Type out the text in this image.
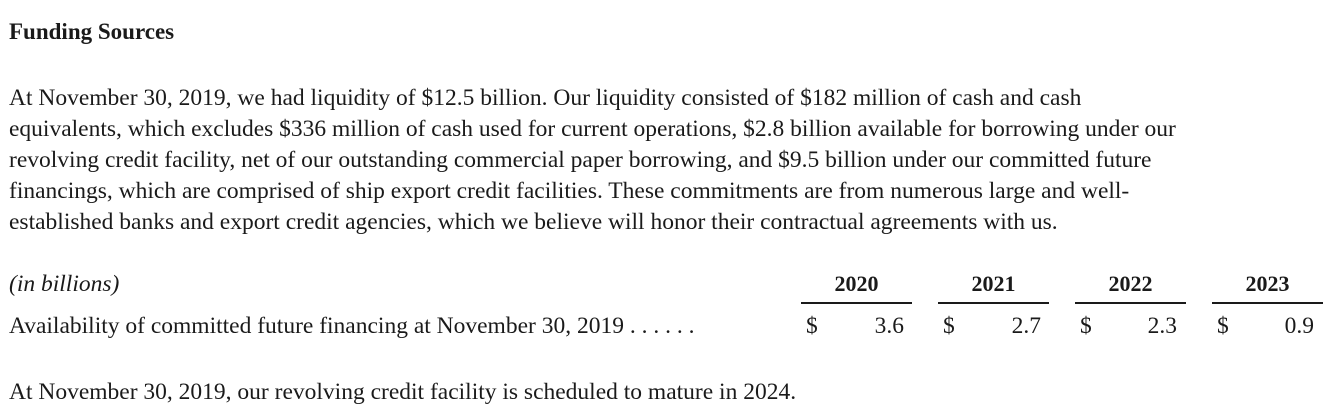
Funding Sources

At November 30, 2019, we had liquidity of $12.5 billion. Our liquidity consisted of $182 million of cash and cash
equivalents, which excludes $336 million of cash used for current operations, $2.8 billion available for borrowing under our
revolving credit facility, net of our outstanding commercial paper borrowing, and $9.5 billion under our committed future
financings, which are comprised of ship export credit facilities. These commitments are from numerous large and well-
established banks and export credit agencies, which we believe will honor their contractual agreements with us.

(in billions)	2020	2021	2022	2023
Availability of committed future financing at November 30, 2019 . . . . . .	$	3.6 $	2.7 $	2.3 $	0.9
At November 30, 2019, our revolving credit facility is scheduled to mature in 2024.
